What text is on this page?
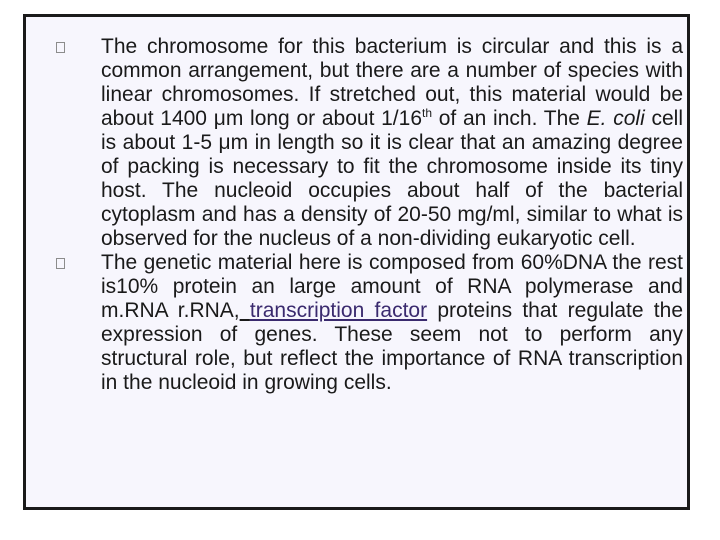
The chromosome for this bacterium is circular and this is a common arrangement, but there are a number of species with linear chromosomes. If stretched out, this material would be about 1400 μm long or about 1/16th of an inch. The E. coli cell is about 1-5 μm in length so it is clear that an amazing degree of packing is necessary to fit the chromosome inside its tiny host. The nucleoid occupies about half of the bacterial cytoplasm and has a density of 20-50 mg/ml, similar to what is observed for the nucleus of a non-dividing eukaryotic cell.

The genetic material here is composed from 60%DNA the rest is10% protein an large amount of RNA polymerase and m.RNA r.RNA, transcription factor proteins that regulate the expression of genes. These seem not to perform any structural role, but reflect the importance of RNA transcription in the nucleoid in growing cells.
